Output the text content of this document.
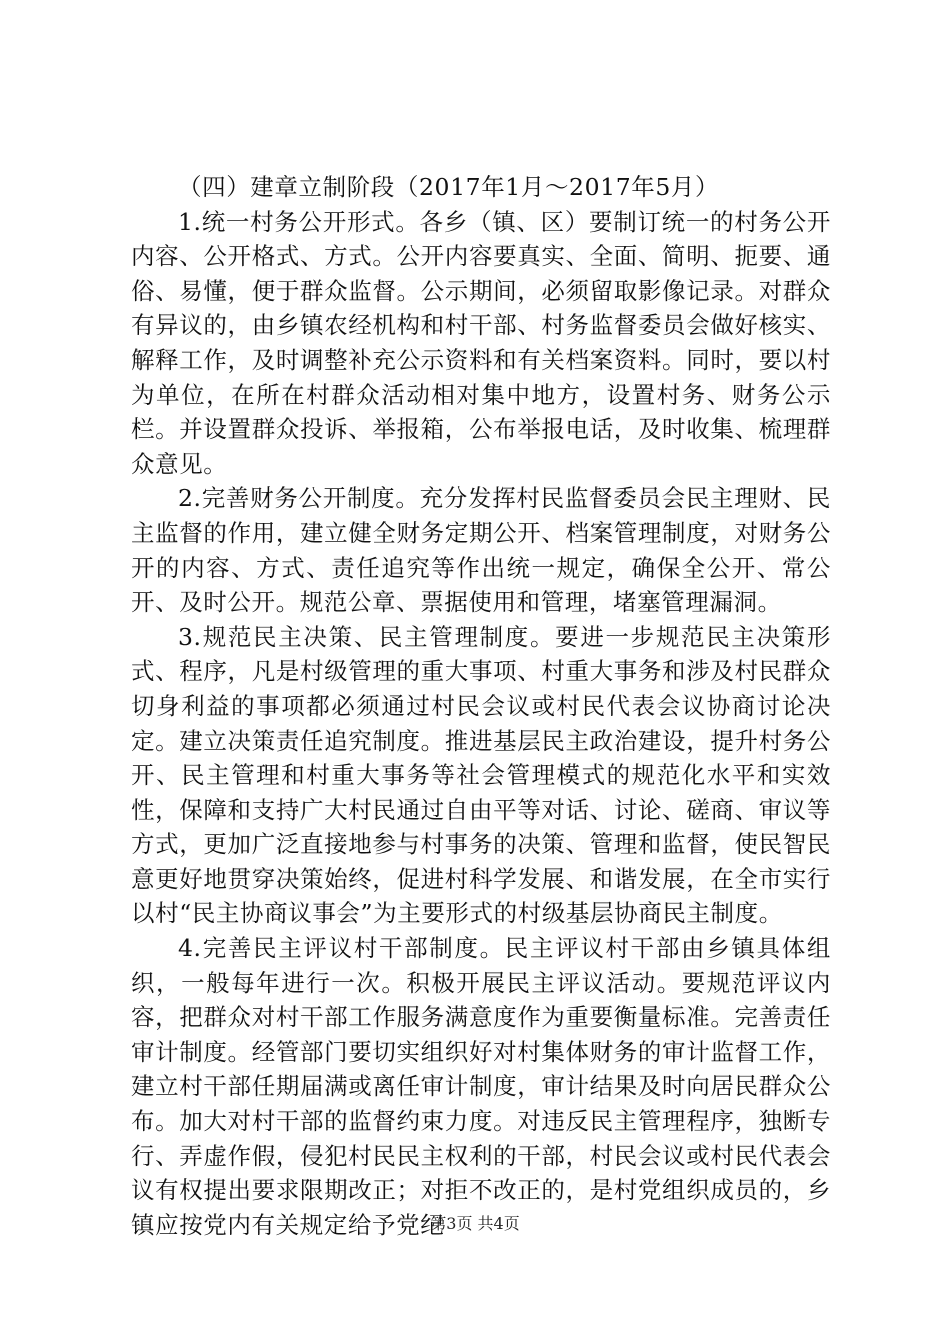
（四）建章立制阶段（2017年1月～2017年5月）

1.统一村务公开形式。各乡（镇、区）要制订统一的村务公开内容、公开格式、方式。公开内容要真实、全面、简明、扼要、通俗、易懂，便于群众监督。公示期间，必须留取影像记录。对群众有异议的，由乡镇农经机构和村干部、村务监督委员会做好核实、解释工作，及时调整补充公示资料和有关档案资料。同时，要以村为单位，在所在村群众活动相对集中地方，设置村务、财务公示栏。并设置群众投诉、举报箱，公布举报电话，及时收集、梳理群众意见。

2.完善财务公开制度。充分发挥村民监督委员会民主理财、民主监督的作用，建立健全财务定期公开、档案管理制度，对财务公开的内容、方式、责任追究等作出统一规定，确保全公开、常公开、及时公开。规范公章、票据使用和管理，堵塞管理漏洞。

3.规范民主决策、民主管理制度。要进一步规范民主决策形式、程序，凡是村级管理的重大事项、村重大事务和涉及村民群众切身利益的事项都必须通过村民会议或村民代表会议协商讨论决定。建立决策责任追究制度。推进基层民主政治建设，提升村务公开、民主管理和村重大事务等社会管理模式的规范化水平和实效性，保障和支持广大村民通过自由平等对话、讨论、磋商、审议等方式，更加广泛直接地参与村事务的决策、管理和监督，使民智民意更好地贯穿决策始终，促进村科学发展、和谐发展，在全市实行以村“民主协商议事会”为主要形式的村级基层协商民主制度。

4.完善民主评议村干部制度。民主评议村干部由乡镇具体组织，一般每年进行一次。积极开展民主评议活动。要规范评议内容，把群众对村干部工作服务满意度作为重要衡量标准。完善责任审计制度。经管部门要切实组织好对村集体财务的审计监督工作，建立村干部任期届满或离任审计制度，审计结果及时向居民群众公布。加大对村干部的监督约束力度。对违反民主管理程序，独断专行、弄虚作假，侵犯村民民主权利的干部，村民会议或村民代表会议有权提出要求限期改正；对拒不改正的，是村党组织成员的，乡镇应按党内有关规定给予党纪

第3页 共4页
